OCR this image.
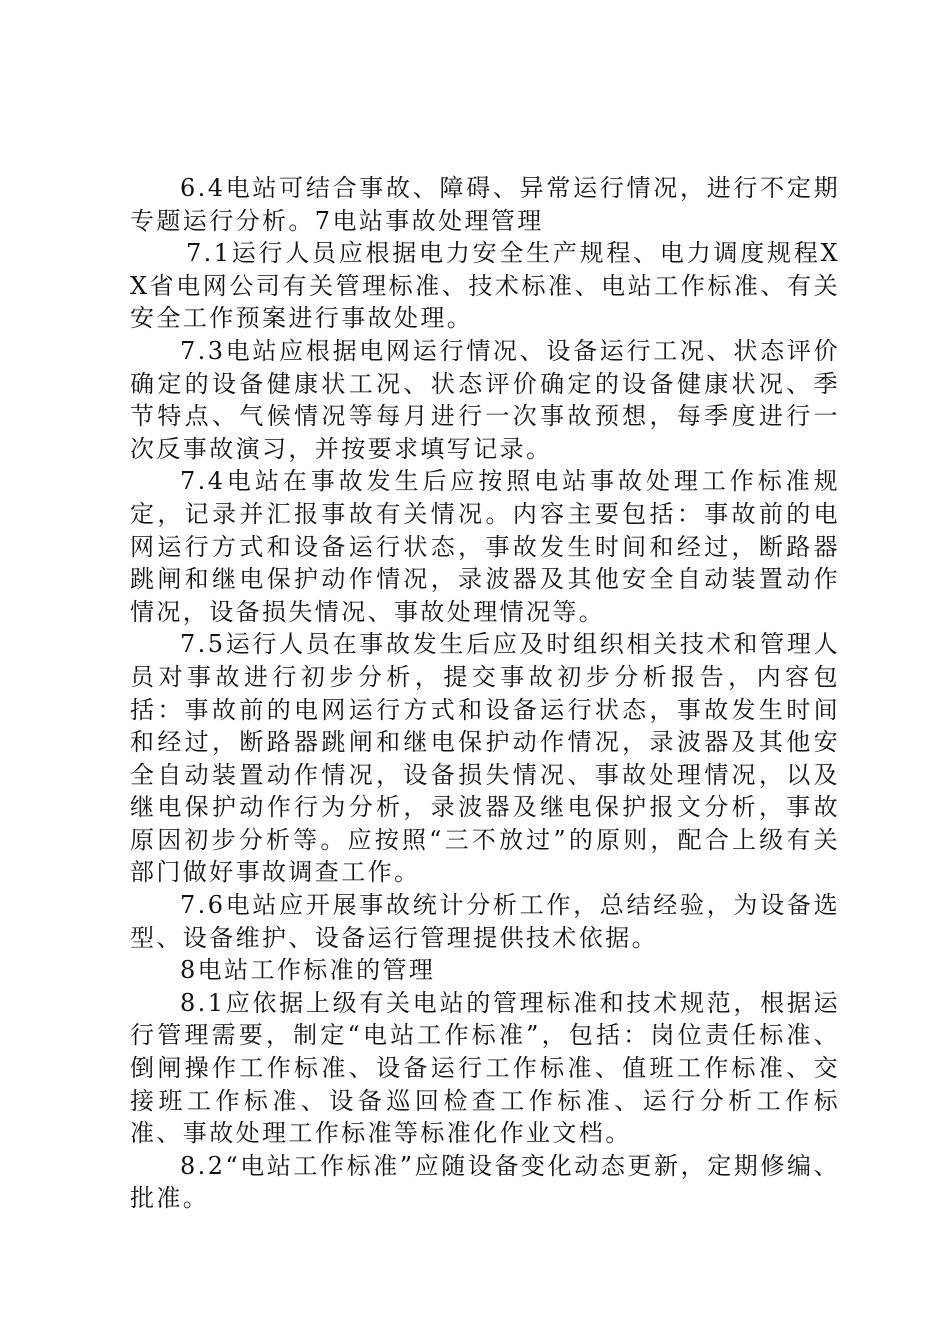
6.4电站可结合事故、障碍、异常运行情况，进行不定期专题运行分析。7电站事故处理管理

7.1运行人员应根据电力安全生产规程、电力调度规程XX省电网公司有关管理标准、技术标准、电站工作标准、有关安全工作预案进行事故处理。

7.3电站应根据电网运行情况、设备运行工况、状态评价确定的设备健康状工况、状态评价确定的设备健康状况、季节特点、气候情况等每月进行一次事故预想，每季度进行一次反事故演习，并按要求填写记录。

7.4电站在事故发生后应按照电站事故处理工作标准规定，记录并汇报事故有关情况。内容主要包括：事故前的电网运行方式和设备运行状态，事故发生时间和经过，断路器跳闸和继电保护动作情况，录波器及其他安全自动装置动作情况，设备损失情况、事故处理情况等。

7.5运行人员在事故发生后应及时组织相关技术和管理人员对事故进行初步分析，提交事故初步分析报告，内容包括：事故前的电网运行方式和设备运行状态，事故发生时间和经过，断路器跳闸和继电保护动作情况，录波器及其他安全自动装置动作情况，设备损失情况、事故处理情况，以及继电保护动作行为分析，录波器及继电保护报文分析，事故原因初步分析等。应按照“三不放过”的原则，配合上级有关部门做好事故调查工作。

7.6电站应开展事故统计分析工作，总结经验，为设备选型、设备维护、设备运行管理提供技术依据。

8电站工作标准的管理

8.1应依据上级有关电站的管理标准和技术规范，根据运行管理需要，制定“电站工作标准”，包括：岗位责任标准、倒闸操作工作标准、设备运行工作标准、值班工作标准、交接班工作标准、设备巡回检查工作标准、运行分析工作标准、事故处理工作标准等标准化作业文档。

8.2“电站工作标准”应随设备变化动态更新，定期修编、批准。
